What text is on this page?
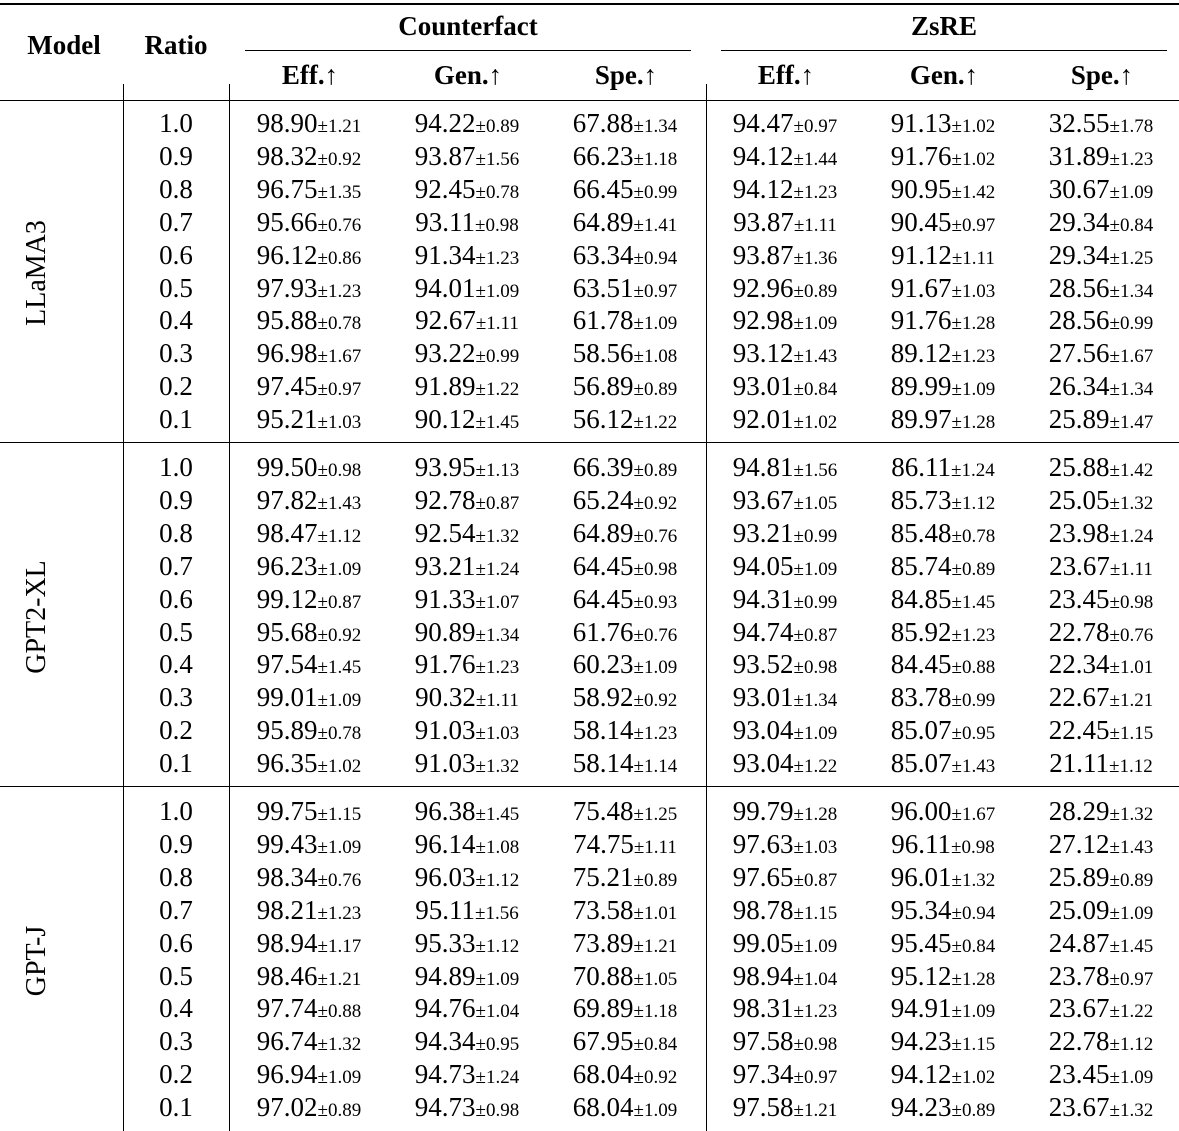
Model	Ratio
Counterfact	ZsRE
Eff.↑	Gen.↑	Spe.↑	Eff.↑	Gen.↑	Spe.↑
LLaMA3
1.0	98.90±1.21	94.22±0.89	67.88±1.34	94.47±0.97	91.13±1.02	32.55±1.78
0.9	98.32±0.92	93.87±1.56	66.23±1.18	94.12±1.44	91.76±1.02	31.89±1.23
0.8	96.75±1.35	92.45±0.78	66.45±0.99	94.12±1.23	90.95±1.42	30.67±1.09
0.7	95.66±0.76	93.11±0.98	64.89±1.41	93.87±1.11	90.45±0.97	29.34±0.84
0.6	96.12±0.86	91.34±1.23	63.34±0.94	93.87±1.36	91.12±1.11	29.34±1.25
0.5	97.93±1.23	94.01±1.09	63.51±0.97	92.96±0.89	91.67±1.03	28.56±1.34
0.4	95.88±0.78	92.67±1.11	61.78±1.09	92.98±1.09	91.76±1.28	28.56±0.99
0.3	96.98±1.67	93.22±0.99	58.56±1.08	93.12±1.43	89.12±1.23	27.56±1.67
0.2	97.45±0.97	91.89±1.22	56.89±0.89	93.01±0.84	89.99±1.09	26.34±1.34
0.1	95.21±1.03	90.12±1.45	56.12±1.22	92.01±1.02	89.97±1.28	25.89±1.47
GPT2-XL
1.0	99.50±0.98	93.95±1.13	66.39±0.89	94.81±1.56	86.11±1.24	25.88±1.42
0.9	97.82±1.43	92.78±0.87	65.24±0.92	93.67±1.05	85.73±1.12	25.05±1.32
0.8	98.47±1.12	92.54±1.32	64.89±0.76	93.21±0.99	85.48±0.78	23.98±1.24
0.7	96.23±1.09	93.21±1.24	64.45±0.98	94.05±1.09	85.74±0.89	23.67±1.11
0.6	99.12±0.87	91.33±1.07	64.45±0.93	94.31±0.99	84.85±1.45	23.45±0.98
0.5	95.68±0.92	90.89±1.34	61.76±0.76	94.74±0.87	85.92±1.23	22.78±0.76
0.4	97.54±1.45	91.76±1.23	60.23±1.09	93.52±0.98	84.45±0.88	22.34±1.01
0.3	99.01±1.09	90.32±1.11	58.92±0.92	93.01±1.34	83.78±0.99	22.67±1.21
0.2	95.89±0.78	91.03±1.03	58.14±1.23	93.04±1.09	85.07±0.95	22.45±1.15
0.1	96.35±1.02	91.03±1.32	58.14±1.14	93.04±1.22	85.07±1.43	21.11±1.12
GPT-J
1.0	99.75±1.15	96.38±1.45	75.48±1.25	99.79±1.28	96.00±1.67	28.29±1.32
0.9	99.43±1.09	96.14±1.08	74.75±1.11	97.63±1.03	96.11±0.98	27.12±1.43
0.8	98.34±0.76	96.03±1.12	75.21±0.89	97.65±0.87	96.01±1.32	25.89±0.89
0.7	98.21±1.23	95.11±1.56	73.58±1.01	98.78±1.15	95.34±0.94	25.09±1.09
0.6	98.94±1.17	95.33±1.12	73.89±1.21	99.05±1.09	95.45±0.84	24.87±1.45
0.5	98.46±1.21	94.89±1.09	70.88±1.05	98.94±1.04	95.12±1.28	23.78±0.97
0.4	97.74±0.88	94.76±1.04	69.89±1.18	98.31±1.23	94.91±1.09	23.67±1.22
0.3	96.74±1.32	94.34±0.95	67.95±0.84	97.58±0.98	94.23±1.15	22.78±1.12
0.2	96.94±1.09	94.73±1.24	68.04±0.92	97.34±0.97	94.12±1.02	23.45±1.09
0.1	97.02±0.89	94.73±0.98	68.04±1.09	97.58±1.21	94.23±0.89	23.67±1.32
